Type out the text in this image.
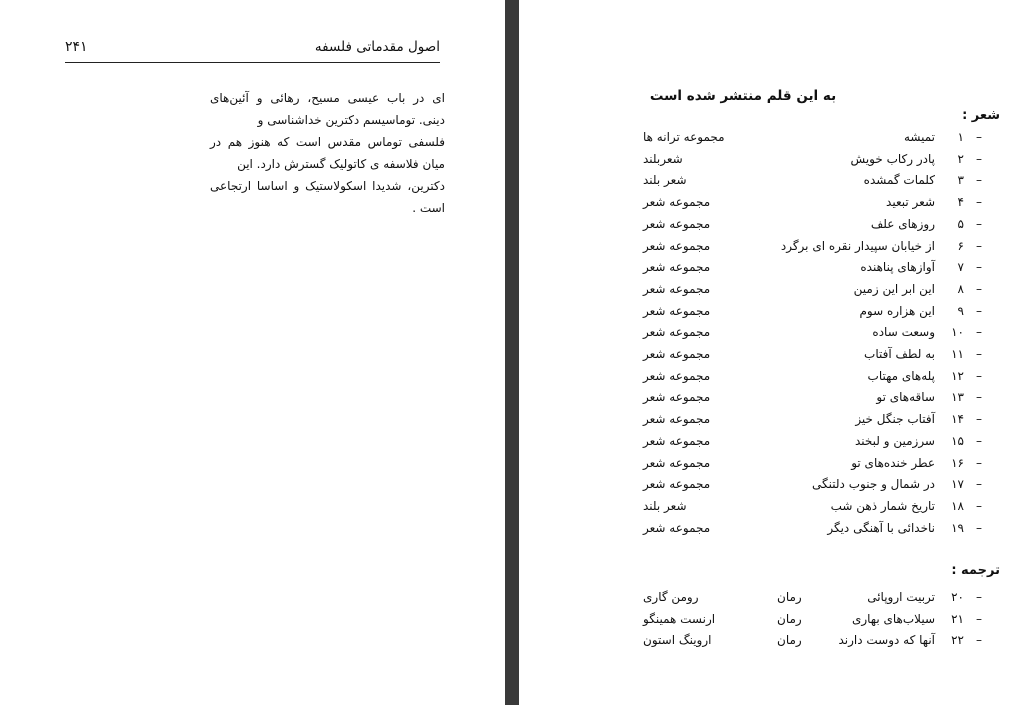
۲۴۱	اصول مقدماتی فلسفه
ای در باب عیسی مسیح، رهائی و آئین‌های دینی. توماسیسم دکترین خداشناسی و
فلسفی توماس مقدس است که هنوز هم در میان فلاسفه ی کاتولیک گسترش دارد. این
دکترین، شدیدا اسکولاستیک و اساسا ارتجاعی است .
به این قلم منتشر شده است
شعر :
۱ –
تمیشه
مجموعه ترانه ها
۲ –
پادر رکاب خویش
شعربلند
۳ –
کلمات گمشده
شعر بلند
۴ –
شعر تبعید
مجموعه شعر
۵ –
روزهای علف
مجموعه شعر
۶ –
از خیابان سپیدار نقره ای برگرد
مجموعه شعر
۷ –
آوازهای پناهنده
مجموعه شعر
۸ –
این ابر این زمین
مجموعه شعر
۹ –
این هزاره سوم
مجموعه شعر
۱۰ –
وسعت ساده
مجموعه شعر
۱۱ –
به لطف آفتاب
مجموعه شعر
۱۲ –
پله‌های مهتاب
مجموعه شعر
۱۳ –
ساقه‌های تو
مجموعه شعر
۱۴ –
آفتاب جنگل خیز
مجموعه شعر
۱۵ –
سرزمین و لبخند
مجموعه شعر
۱۶ –
عطر خنده‌های تو
مجموعه شعر
۱۷ –
در شمال و جنوب دلتنگی
مجموعه شعر
۱۸ –
تاریخ شمار ذهن شب
شعر بلند
۱۹ –
ناخدائی با آهنگی دیگر
مجموعه شعر
ترجمه :
۲۰ –
تربیت اروپائی
رمان
رومن گاری
۲۱ –
سیلاب‌های بهاری
رمان
ارنست همینگو
۲۲ –
آنها که دوست دارند
رمان
اروینگ استون
